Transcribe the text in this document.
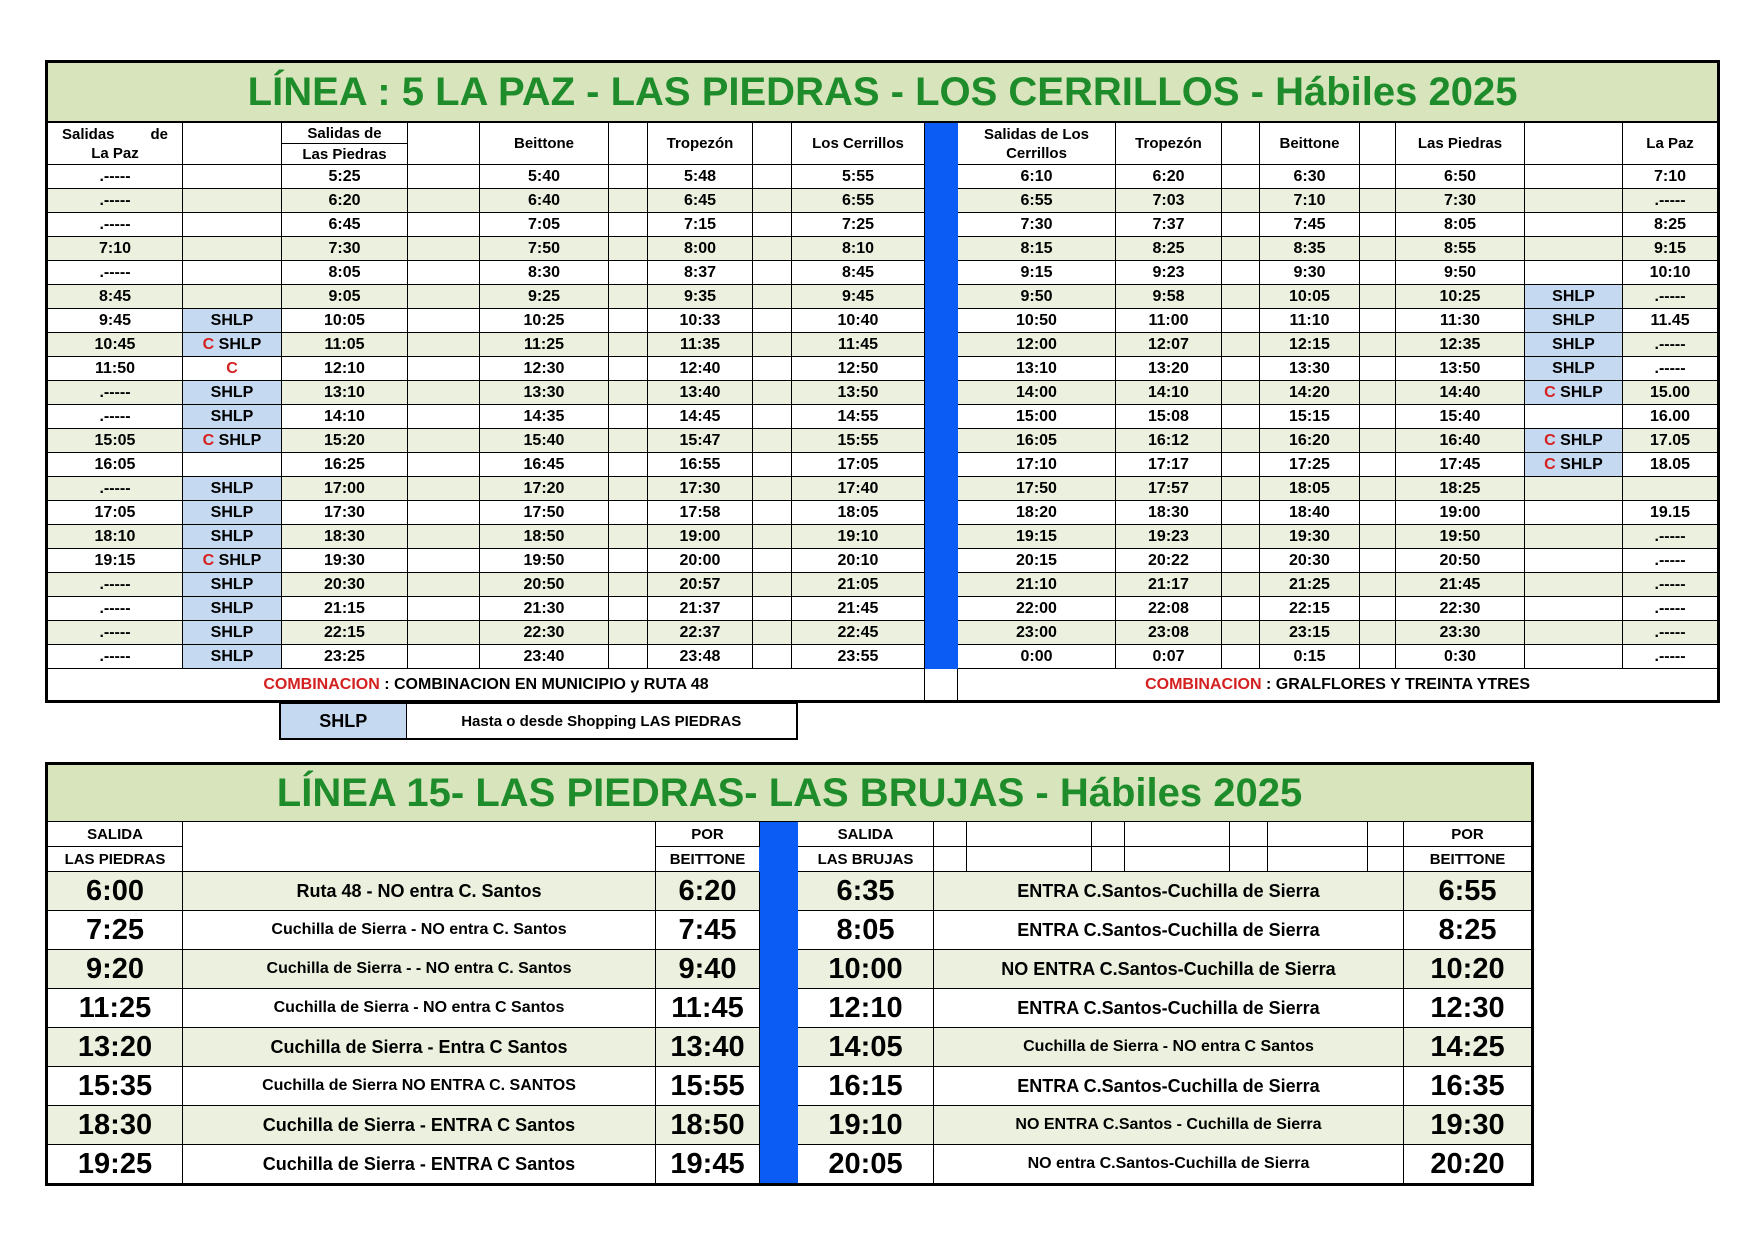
LÍNEA : 5 LA PAZ - LAS PIEDRAS - LOS CERRILLOS - Hábiles 2025																	

Salidas de
La Paz		Salidas de		Beittone		Tropezón		Los Cerrillos		Salidas de Los Cerrillos	Tropezón		Beittone		Las Piedras		La Paz
		Las Piedras															
.-----		5:25		5:40		5:48		5:55		6:10	6:20		6:30		6:50		7:10
.-----		6:20		6:40		6:45		6:55		6:55	7:03		7:10		7:30		.-----
.-----		6:45		7:05		7:15		7:25		7:30	7:37		7:45		8:05		8:25
7:10		7:30		7:50		8:00		8:10		8:15	8:25		8:35		8:55		9:15
.-----		8:05		8:30		8:37		8:45		9:15	9:23		9:30		9:50		10:10
8:45		9:05		9:25		9:35		9:45		9:50	9:58		10:05		10:25	SHLP	.-----
9:45	SHLP	10:05		10:25		10:33		10:40		10:50	11:00		11:10		11:30	SHLP	11.45
10:45	C SHLP	11:05		11:25		11:35		11:45		12:00	12:07		12:15		12:35	SHLP	.-----
11:50	C	12:10		12:30		12:40		12:50		13:10	13:20		13:30		13:50	SHLP	.-----
.-----	SHLP	13:10		13:30		13:40		13:50		14:00	14:10		14:20		14:40	C SHLP	15.00
.-----	SHLP	14:10		14:35		14:45		14:55		15:00	15:08		15:15		15:40		16.00
15:05	C SHLP	15:20		15:40		15:47		15:55		16:05	16:12		16:20		16:40	C SHLP	17.05
16:05		16:25		16:45		16:55		17:05		17:10	17:17		17:25		17:45	C SHLP	18.05
.-----	SHLP	17:00		17:20		17:30		17:40		17:50	17:57		18:05		18:25		
17:05	SHLP	17:30		17:50		17:58		18:05		18:20	18:30		18:40		19:00		19.15
18:10	SHLP	18:30		18:50		19:00		19:10		19:15	19:23		19:30		19:50		.-----
19:15	C SHLP	19:30		19:50		20:00		20:10		20:15	20:22		20:30		20:50		.-----
.-----	SHLP	20:30		20:50		20:57		21:05		21:10	21:17		21:25		21:45		.-----
.-----	SHLP	21:15		21:30		21:37		21:45		22:00	22:08		22:15		22:30		.-----
.-----	SHLP	22:15		22:30		22:37		22:45		23:00	23:08		23:15		23:30		.-----
.-----	SHLP	23:25		23:40		23:48		23:55		0:00	0:07		0:15		0:30		.-----
COMBINACION : COMBINACION EN MUNICIPIO y RUTA 48										COMBINACION : GRALFLORES Y TREINTA YTRES							
SHLP	Hasta o desde Shopping LAS PIEDRAS
LÍNEA 15- LAS PIEDRAS- LAS BRUJAS - Hábiles 2025												
SALIDA		POR		SALIDA								POR
LAS PIEDRAS		BEITTONE		LAS BRUJAS								BEITTONE
6:00	Ruta 48 - NO entra C. Santos	6:20		6:35	ENTRA C.Santos-Cuchilla de Sierra							6:55
7:25	Cuchilla de Sierra - NO entra C. Santos	7:45		8:05	ENTRA C.Santos-Cuchilla de Sierra							8:25
9:20	Cuchilla de Sierra - - NO entra C. Santos	9:40		10:00	NO ENTRA C.Santos-Cuchilla de Sierra							10:20
11:25	Cuchilla de Sierra - NO entra C Santos	11:45		12:10	ENTRA C.Santos-Cuchilla de Sierra							12:30
13:20	Cuchilla de Sierra - Entra C Santos	13:40		14:05	Cuchilla de Sierra - NO entra C Santos							14:25
15:35	Cuchilla de Sierra NO ENTRA C. SANTOS	15:55		16:15	ENTRA C.Santos-Cuchilla de Sierra							16:35
18:30	Cuchilla de Sierra - ENTRA C Santos	18:50		19:10	NO ENTRA C.Santos - Cuchilla de Sierra							19:30
19:25	Cuchilla de Sierra - ENTRA C Santos	19:45		20:05	NO entra C.Santos-Cuchilla de Sierra							20:20
